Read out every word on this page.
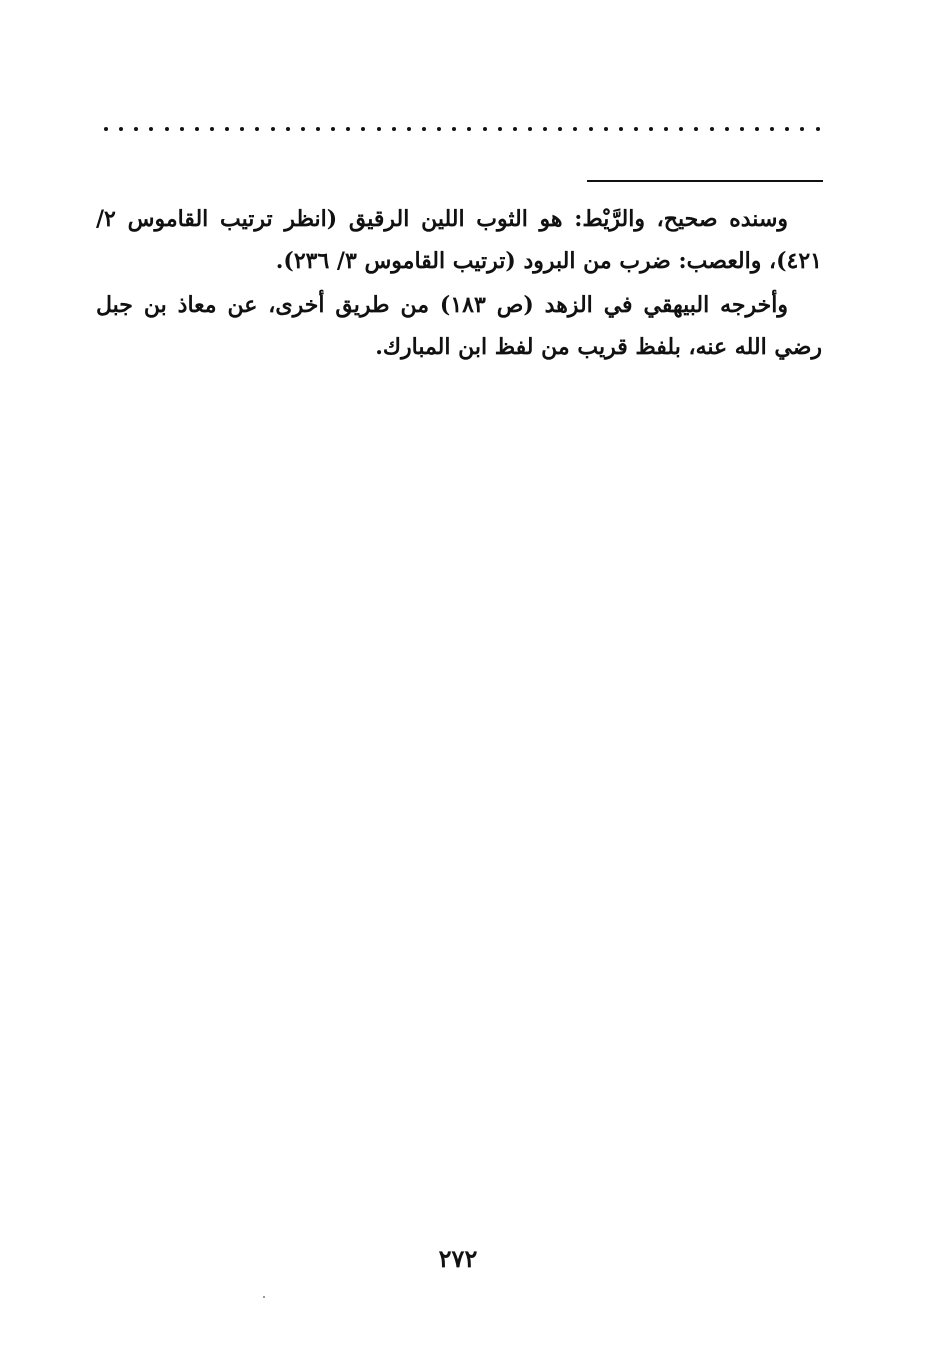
وسنده صحيح، والرَّيْط: هو الثوب اللين الرقيق (انظر ترتيب القاموس ٢/ ٤٢١)، والعصب: ضرب من البرود (ترتيب القاموس ٣/ ٢٣٦).

وأخرجه البيهقي في الزهد (ص ١٨٣) من طريق أخرى، عن معاذ بن جبل رضي الله عنه، بلفظ قريب من لفظ ابن المبارك.

٢٧٢
